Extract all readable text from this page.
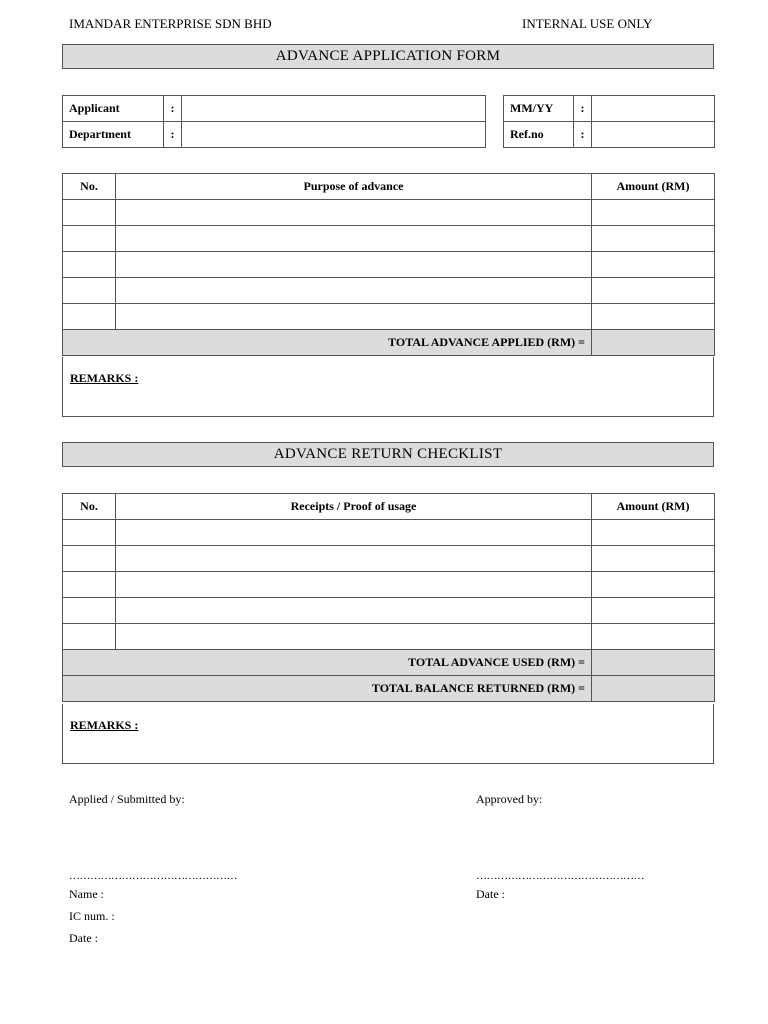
IMANDAR ENTERPRISE SDN BHD	INTERNAL USE ONLY
ADVANCE APPLICATION FORM
Applicant	:	
Department	:	
MM/YY	:	
Ref.no	:	
No.	Purpose of advance	Amount (RM)

TOTAL ADVANCE APPLIED (RM) =		
REMARKS :
ADVANCE RETURN CHECKLIST
No.	Receipts / Proof of usage	Amount (RM)

TOTAL ADVANCE USED (RM) =		
TOTAL BALANCE RETURNED (RM) =		
REMARKS :
Applied / Submitted by:	Approved by:
…………………………………………	…………………………………………
Name :	Date :
IC num. :
Date :
